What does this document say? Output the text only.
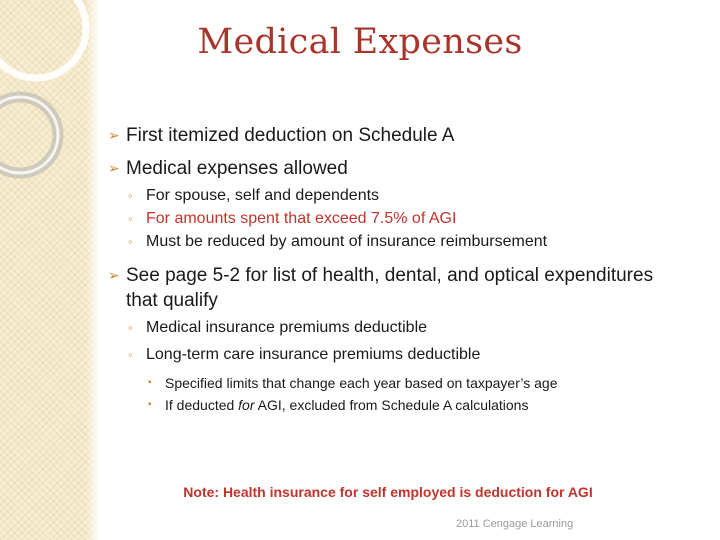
Medical Expenses
➢ First itemized deduction on Schedule A
➢ Medical expenses allowed
◦ For spouse, self and dependents
◦ For amounts spent that exceed 7.5% of AGI
◦ Must be reduced by amount of insurance reimbursement
➢ See page 5-2 for list of health, dental, and optical expenditures that qualify
◦ Medical insurance premiums deductible
◦ Long-term care insurance premiums deductible
▪ Specified limits that change each year based on taxpayer’s age
▪ If deducted for AGI, excluded from Schedule A calculations
Note: Health insurance for self employed is deduction for AGI
2011 Cengage Learning
